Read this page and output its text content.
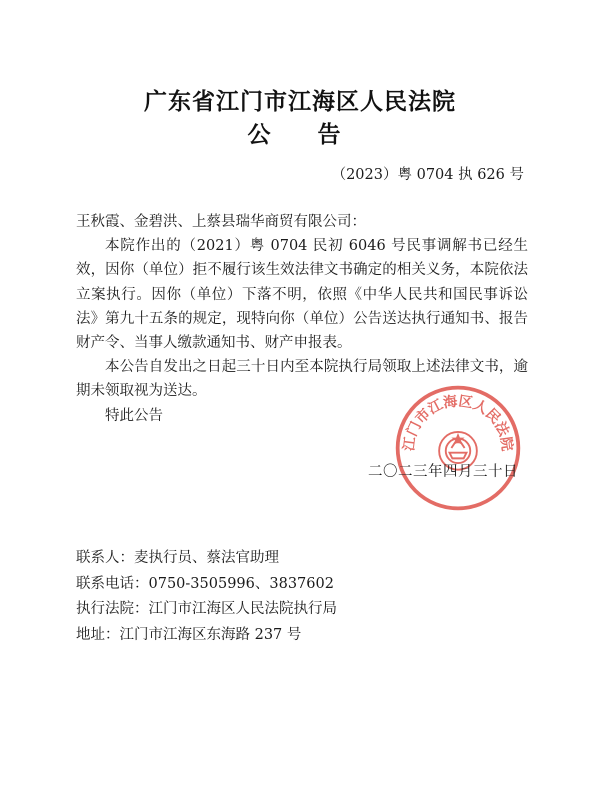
广东省江门市江海区人民法院
公　告
（2023）粤 0704 执 626 号

王秋霞、金碧洪、上蔡县瑞华商贸有限公司：

本院作出的（2021）粤 0704 民初 6046 号民事调解书已经生效，因你（单位）拒不履行该生效法律文书确定的相关义务，本院依法立案执行。因你（单位）下落不明，依照《中华人民共和国民事诉讼法》第九十五条的规定，现特向你（单位）公告送达执行通知书、报告财产令、当事人缴款通知书、财产申报表。

本公告自发出之日起三十日内至本院执行局领取上述法律文书，逾期未领取视为送达。

特此公告

江门市江海区人民法院
二〇二三年四月三十日
联系人：麦执行员、蔡法官助理
联系电话：0750-3505996、3837602
执行法院：江门市江海区人民法院执行局
地址：江门市江海区东海路 237 号
